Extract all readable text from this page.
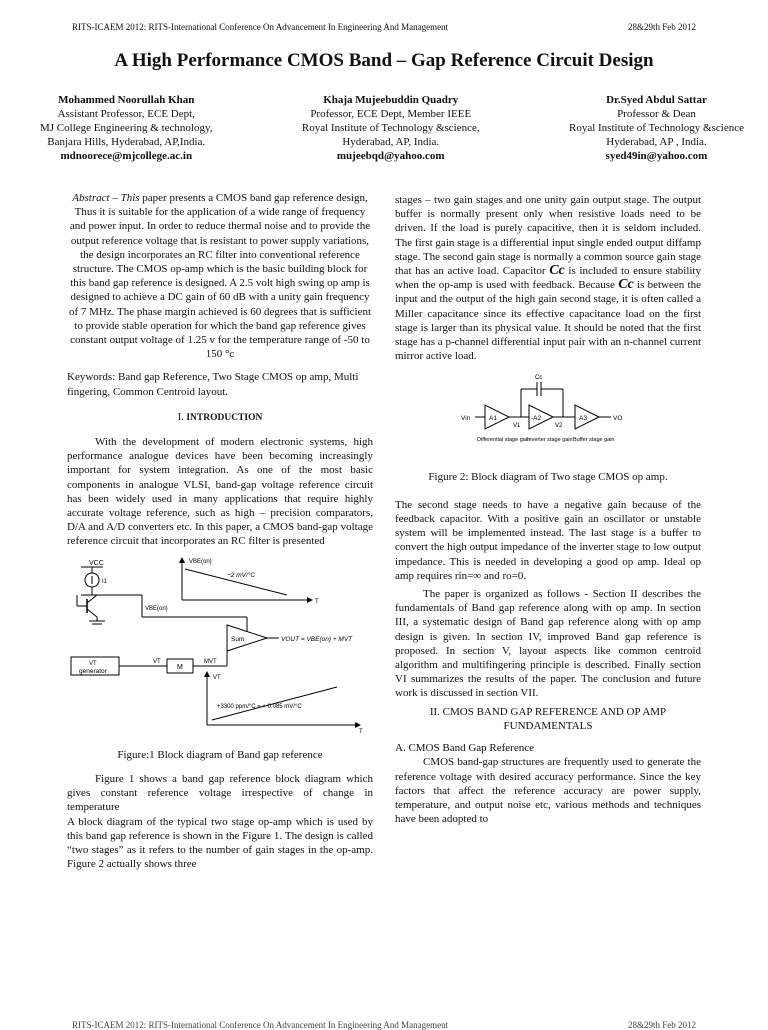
RITS-ICAEM 2012: RITS-International Conference On Advancement In Engineering And Management	28&29th Feb 2012
A High Performance CMOS Band – Gap Reference Circuit Design
Mohammed Noorullah Khan
Assistant Professor, ECE Dept,
MJ College Engineering & technology,
Banjara Hills, Hyderabad, AP,India.
mdnoorece@mjcollege.ac.in
Khaja Mujeebuddin Quadry
Professor, ECE Dept, Member IEEE
Royal Institute of Technology &science,
Hyderabad, AP, India.
mujeebqd@yahoo.com
Dr.Syed Abdul Sattar
Professor & Dean
Royal Institute of Technology &science
Hyderabad, AP , India.
syed49in@yahoo.com

Abstract – This paper presents a CMOS band gap reference design, Thus it is suitable for the application of a wide range of frequency and power input. In order to reduce thermal noise and to provide the output reference voltage that is resistant to power supply variations, the design incorporates an RC filter into conventional reference structure. The CMOS op-amp which is the basic building block for this band gap reference is designed. A 2.5 volt high swing op amp is designed to achieve a DC gain of 60 dB with a unity gain frequency of 7 MHz. The phase margin achieved is 60 degrees that is sufficient to provide stable operation for which the band gap reference gives constant output voltage of 1.25 v for the temperature range of -50 to 150 °c

Keywords: Band gap Reference, Two Stage CMOS op amp, Multi fingering, Common Centroid layout.

I. INTRODUCTION

With the development of modern electronic systems, high performance analogue devices have been becoming increasingly important for system integration. As one of the most basic components in analogue VLSI, band-gap voltage reference circuit has been widely used in many applications that require highly accurate voltage reference, such as high – precision comparators, D/A and A/D converters etc. In this paper, a CMOS band-gap voltage reference circuit that incorporates an RC filter is presented

VCC
I1
VBE(on)
VBE(on)
−2 mV/°C
T
Sum	VOUT = VBE(on) + MVT
VT
generator
VT
M
MVT
VT
+3300 ppm/°C = + 0.085 mV/°C
T
Figure:1 Block diagram of Band gap reference

Figure 1 shows a band gap reference block diagram which gives constant reference voltage irrespective of change in temperature

A block diagram of the typical two stage op-amp which is used by this band gap reference is shown in the Figure 1. The design is called “two stages” as it refers to the number of gain stages in the op-amp. Figure 2 actually shows three

stages – two gain stages and one unity gain output stage. The output buffer is normally present only when resistive loads need to be driven. If the load is purely capacitive, then it is seldom included. The first gain stage is a differential input single ended output diffamp stage. The second gain stage is normally a common source gain stage that has an active load. Capacitor Cc is included to ensure stability when the op-amp is used with feedback. Because Cc is between the input and the output of the high gain second stage, it is often called a Miller capacitance since its effective capacitance load on the first stage is larger than its physical value. It should be noted that the first stage has a p-channel differential input pair with an n-channel current mirror active load.

Cc
Vin	A1
V1
-A2
V2
A3	VO
Differential stage gain
Inverter stage gain Buffer stage gain
Figure 2: Block diagram of Two stage CMOS op amp.

The second stage needs to have a negative gain because of the feedback capacitor. With a positive gain an oscillator or unstable system will be implemented instead. The last stage is a buffer to convert the high output impedance of the inverter stage to low output impedance. This is needed in developing a good op amp. Ideal op amp requires rin=∞ and ro=0.

The paper is organized as follows - Section II describes the fundamentals of Band gap reference along with op amp. In section III, a systematic design of Band gap reference along with op amp design is given. In section IV, improved Band gap reference is proposed. In section V, layout aspects like common centroid algorithm and multifingering principle is described. Finally section VI summarizes the results of the paper. The conclusion and future work is discussed in section VII.

II. CMOS BAND GAP REFERENCE AND OP AMP FUNDAMENTALS
A. CMOS Band Gap Reference

CMOS band-gap structures are frequently used to generate the reference voltage with desired accuracy performance. Since the key factors that affect the reference accuracy are power supply, temperature, and output noise etc, various methods and techniques have been adopted to

RITS-ICAEM 2012: RITS-International Conference On Advancement In Engineering And Management	28&29th Feb 2012
